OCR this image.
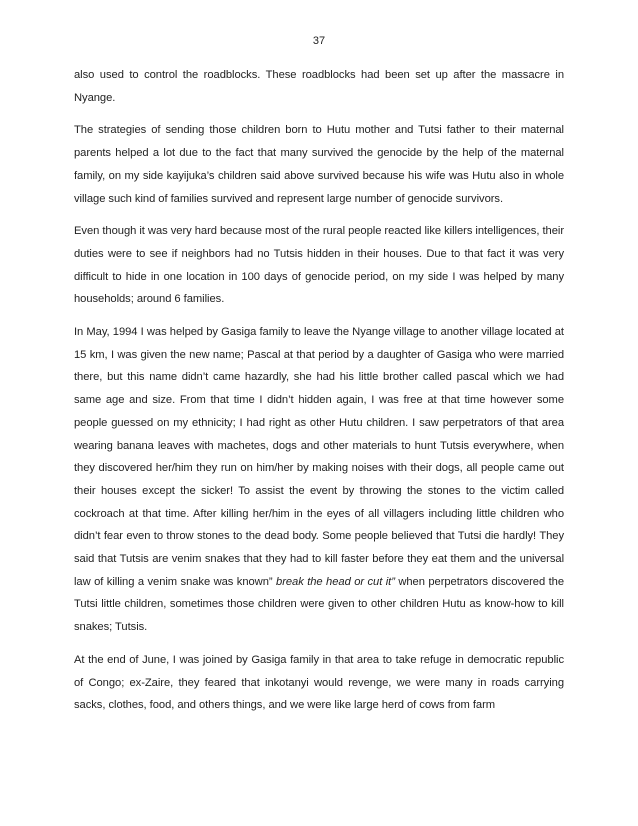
37

also used to control the roadblocks. These roadblocks had been set up after the massacre in Nyange.

The strategies of sending those children born to Hutu mother and Tutsi father to their maternal parents helped a lot due to the fact that many survived the genocide by the help of the maternal family, on my side kayijuka’s children said above survived because his wife was Hutu also in whole village such kind of families survived and represent large number of genocide survivors.

Even though it was very hard because most of the rural people reacted like killers intelligences, their duties were to see if neighbors had no Tutsis hidden in their houses. Due to that fact it was very difficult to hide in one location in 100 days of genocide period, on my side I was helped by many households; around 6 families.

In May, 1994 I was helped by Gasiga family to leave the Nyange village to another village located at 15 km, I was given the new name; Pascal at that period by a daughter of Gasiga who were married there, but this name didn’t came hazardly, she had his little brother called pascal which we had same age and size. From that time I didn’t hidden again, I was free at that time however some people guessed on my ethnicity; I had right as other Hutu children. I saw perpetrators of that area wearing banana leaves with machetes, dogs and other materials to hunt Tutsis everywhere, when they discovered her/him they run on him/her by making noises with their dogs, all people came out their houses except the sicker! To assist the event by throwing the stones to the victim called cockroach at that time. After killing her/him in the eyes of all villagers including little children who didn’t fear even to throw stones to the dead body. Some people believed that Tutsi die hardly! They said that Tutsis are venim snakes that they had to kill faster before they eat them and the universal law of killing a venim snake was known” break the head or cut it” when perpetrators discovered the Tutsi little children, sometimes those children were given to other children Hutu as know-how to kill snakes; Tutsis.

At the end of June, I was joined by Gasiga family in that area to take refuge in democratic republic of Congo; ex-Zaire, they feared that inkotanyi would revenge, we were many in roads carrying sacks, clothes, food, and others things, and we were like large herd of cows from farm
